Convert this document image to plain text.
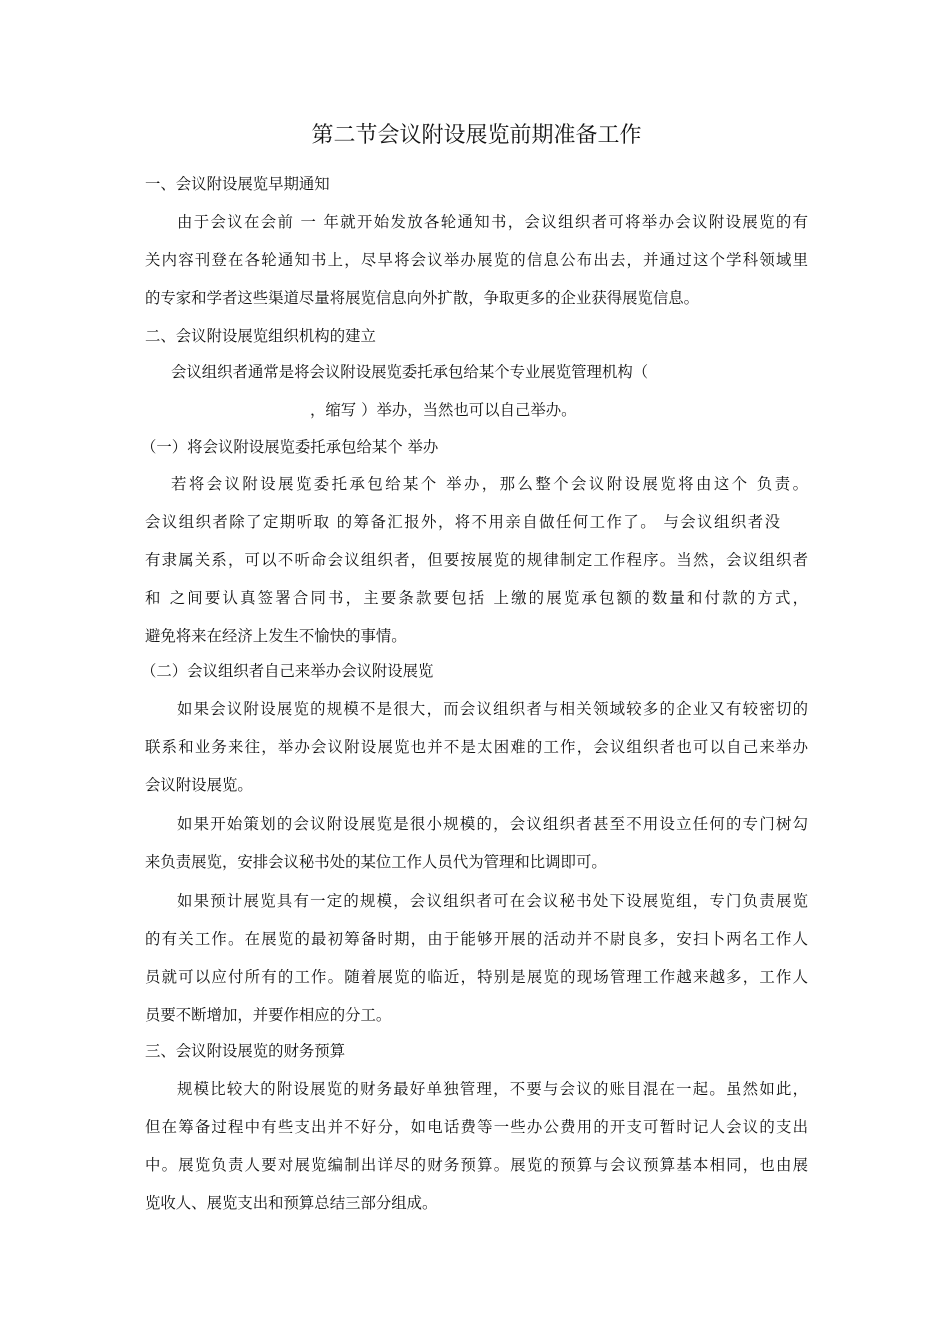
第二节会议附设展览前期准备工作
一、会议附设展览早期通知
由于会议在会前 一 年就开始发放各轮通知书，会议组织者可将举办会议附设展览的有
关内容刊登在各轮通知书上，尽早将会议举办展览的信息公布出去，并通过这个学科领域里
的专家和学者这些渠道尽量将展览信息向外扩散，争取更多的企业获得展览信息。
二、会议附设展览组织机构的建立
会议组织者通常是将会议附设展览委托承包给某个专业展览管理机构（
，缩写 ）举办，当然也可以自己举办。
（一）将会议附设展览委托承包给某个 举办
若将会议附设展览委托承包给某个 举办，那么整个会议附设展览将由这个 负责。
会议组织者除了定期听取 的筹备汇报外，将不用亲自做任何工作了。 与会议组织者没
有隶属关系，可以不听命会议组织者，但要按展览的规律制定工作程序。当然，会议组织者
和 之间要认真签署合同书，主要条款要包括 上缴的展览承包额的数量和付款的方式，
避免将来在经济上发生不愉快的事情。
（二）会议组织者自己来举办会议附设展览
如果会议附设展览的规模不是很大，而会议组织者与相关领域较多的企业又有较密切的
联系和业务来往，举办会议附设展览也并不是太困难的工作，会议组织者也可以自己来举办
会议附设展览。
如果开始策划的会议附设展览是很小规模的，会议组织者甚至不用设立任何的专门树勾
来负责展览，安排会议秘书处的某位工作人员代为管理和比调即可。
如果预计展览具有一定的规模，会议组织者可在会议秘书处下设展览组，专门负责展览
的有关工作。在展览的最初筹备时期，由于能够开展的活动并不尉良多，安扫卜两名工作人
员就可以应付所有的工作。随着展览的临近，特别是展览的现场管理工作越来越多，工作人
员要不断增加，并要作相应的分工。
三、会议附设展览的财务预算
规模比较大的附设展览的财务最好单独管理，不要与会议的账目混在一起。虽然如此，
但在筹备过程中有些支出并不好分，如电话费等一些办公费用的开支可暂时记人会议的支出
中。展览负责人要对展览编制出详尽的财务预算。展览的预算与会议预算基本相同，也由展
览收人、展览支出和预算总结三部分组成。
